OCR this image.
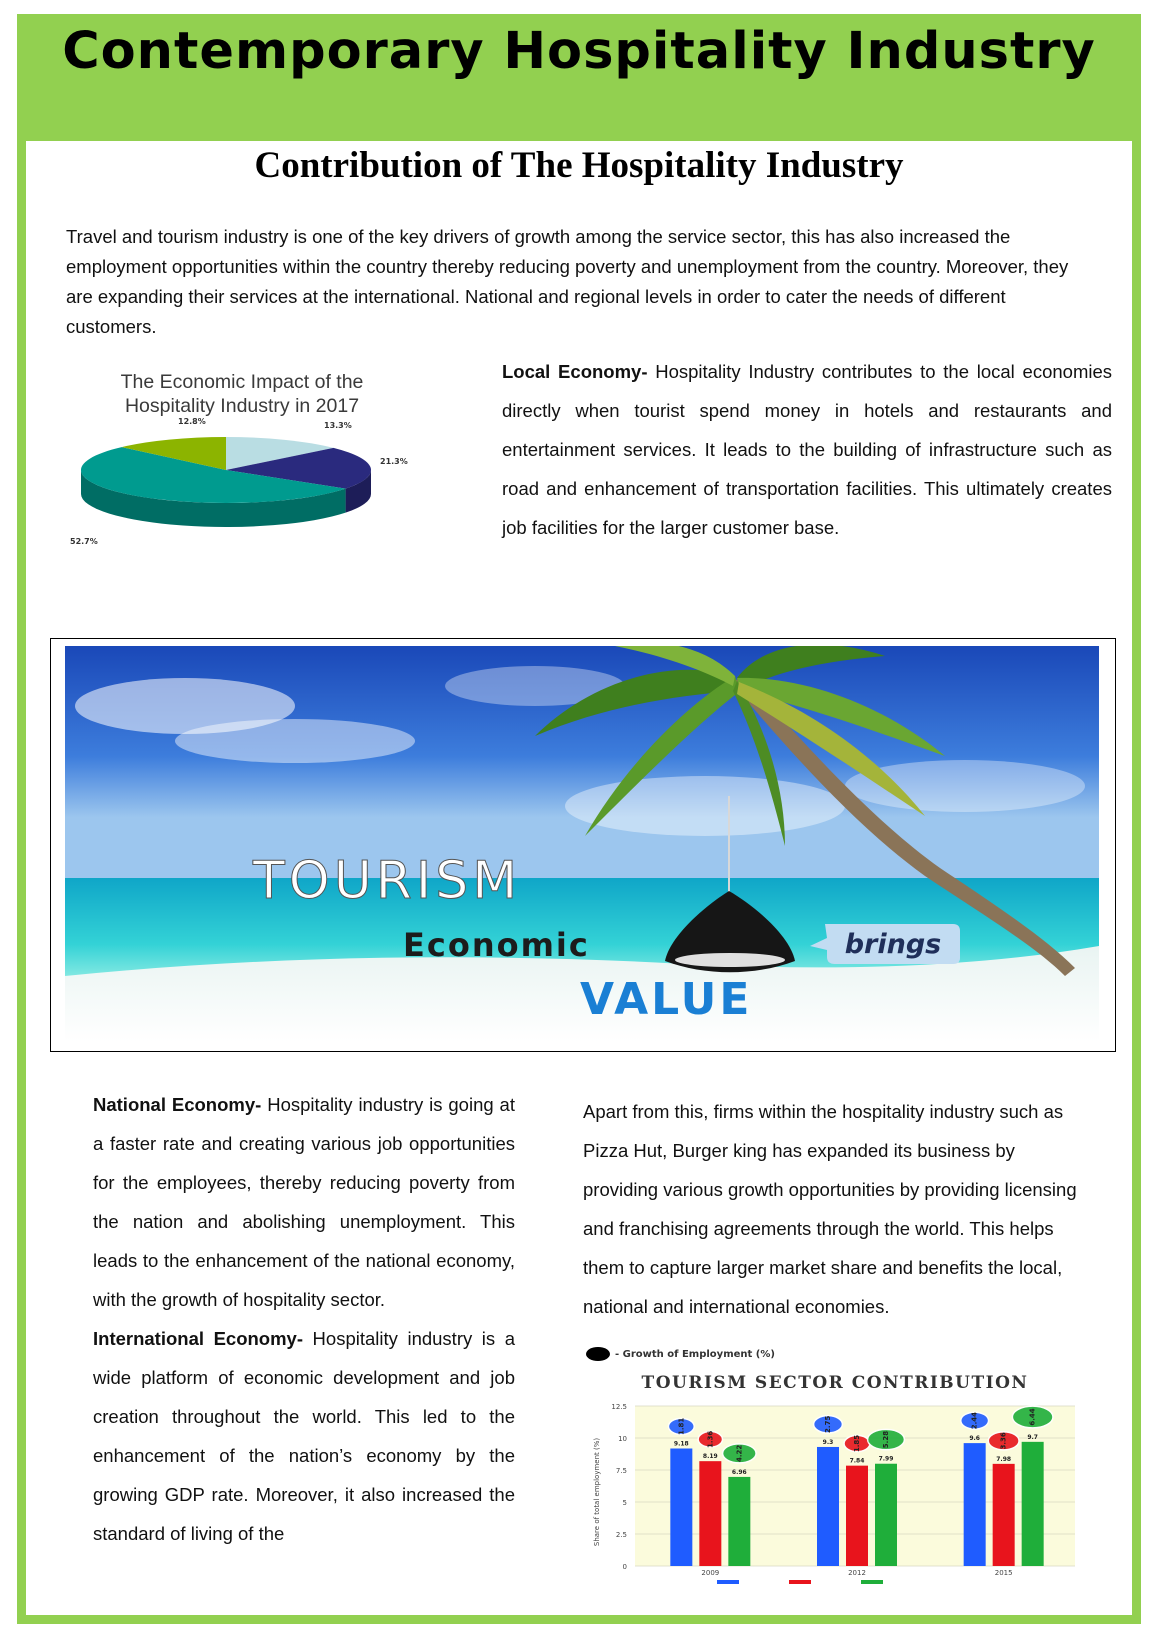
Contemporary Hospitality Industry
Contribution of The Hospitality Industry
Travel and tourism industry is one of the key drivers of growth among the service sector, this has also increased the employment opportunities within the country thereby reducing poverty and unemployment from the country. Moreover, they are expanding their services at the international. National and regional levels in order to cater the needs of different customers.
The Economic Impact of the
Hospitality Industry in 2017
13.3%
21.3%
52.7%
12.8%
Local Economy- Hospitality Industry contributes to the local economies directly when tourist spend money in hotels and restaurants and entertainment services. It leads to the building of infrastructure such as road and enhancement of transportation facilities. This ultimately creates job facilities for the larger customer base.
TOURISM
Economic
VALUE
brings
National Economy- Hospitality industry is going at a faster rate and creating various job opportunities for the employees, thereby reducing poverty from the nation and abolishing unemployment. This leads to the enhancement of the national economy, with the growth of hospitality sector.
International Economy- Hospitality industry is a wide platform of economic development and job creation throughout the world. This led to the enhancement of the nation’s economy by the growing GDP rate. Moreover, it also increased the standard of living of the
Apart from this, firms within the hospitality industry such as Pizza Hut, Burger king has expanded its business by providing various growth opportunities by providing licensing and franchising agreements through the world. This helps them to capture larger market share and benefits the local, national and international economies.
- Growth of Employment (%)
TOURISM SECTOR CONTRIBUTION
0
2.5
5
7.5
10
12.5
Share of total employment (%)	9.18
1.81
8.19
1.36
6.96
4.22
9.3
2.75
7.84
1.85
7.99
5.28	9.6
2.44
7.98
3.36	9.7
6.44
2009	2012	2015
